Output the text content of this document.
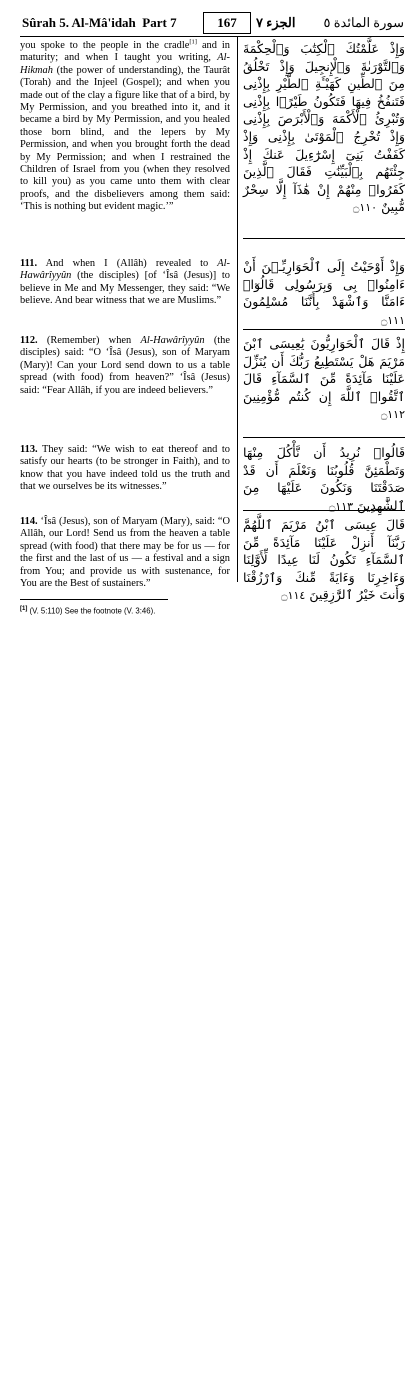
Sûrah 5. Al-Mâ'idah Part 7	167	الجزء ٧ سورة المائدة ٥

you spoke to the people in the cradle[1] and in maturity; and when I taught you writing, Al-Hikmah (the power of understanding), the Taurât (Torah) and the Injeel (Gospel); and when you made out of the clay a figure like that of a bird, by My Permission, and you breathed into it, and it became a bird by My Permission, and you healed those born blind, and the lepers by My Permission, and when you brought forth the dead by My Permission; and when I restrained the Children of Israel from you (when they resolved to kill you) as you came unto them with clear proofs, and the disbelievers among them said: ‘This is nothing but evident magic.’”

وَإِذْ عَلَّمْتُكَ ٱلْكِتَٰبَ وَٱلْحِكْمَةَ وَٱلتَّوْرَىٰةَ وَٱلْإِنجِيلَ وَإِذْ تَخْلُقُ مِنَ ٱلطِّينِ كَهَيْـَٔةِ ٱلطَّيْرِ بِإِذْنِى فَتَنفُخُ فِيهَا فَتَكُونُ طَيْرًۢا بِإِذْنِى وَتُبْرِئُ ٱلْأَكْمَهَ وَٱلْأَبْرَصَ بِإِذْنِى وَإِذْ تُخْرِجُ ٱلْمَوْتَىٰ بِإِذْنِى وَإِذْ كَفَفْتُ بَنِىٓ إِسْرَٰٓءِيلَ عَنكَ إِذْ جِئْتَهُم بِٱلْبَيِّنَٰتِ فَقَالَ ٱلَّذِينَ كَفَرُوا۟ مِنْهُمْ إِنْ هَٰذَآ إِلَّا سِحْرٌ مُّبِينٌ ۝١١٠

111. And when I (Allâh) revealed to Al-Hawârîyyûn (the disciples) [of ‘Îsâ (Jesus)] to believe in Me and My Messenger, they said: “We believe. And bear witness that we are Muslims.”

وَإِذْ أَوْحَيْتُ إِلَى ٱلْحَوَارِيِّـۧنَ أَنْ ءَامِنُوا۟ بِى وَبِرَسُولِى قَالُوٓا۟ ءَامَنَّا وَٱشْهَدْ بِأَنَّنَا مُسْلِمُونَ ۝١١١

112. (Remember) when Al-Hawârîyyûn (the disciples) said: “O ‘Îsâ (Jesus), son of Maryam (Mary)! Can your Lord send down to us a table spread (with food) from heaven?” ‘Îsâ (Jesus) said: “Fear Allâh, if you are indeed believers.”

إِذْ قَالَ ٱلْحَوَارِيُّونَ يَٰعِيسَى ٱبْنَ مَرْيَمَ هَلْ يَسْتَطِيعُ رَبُّكَ أَن يُنَزِّلَ عَلَيْنَا مَآئِدَةً مِّنَ ٱلسَّمَآءِ قَالَ ٱتَّقُوا۟ ٱللَّهَ إِن كُنتُم مُّؤْمِنِينَ ۝١١٢

113. They said: “We wish to eat thereof and to satisfy our hearts (to be stronger in Faith), and to know that you have indeed told us the truth and that we ourselves be its witnesses.”

قَالُوا۟ نُرِيدُ أَن نَّأْكُلَ مِنْهَا وَتَطْمَئِنَّ قُلُوبُنَا وَنَعْلَمَ أَن قَدْ صَدَقْتَنَا وَنَكُونَ عَلَيْهَا مِنَ ٱلشَّٰهِدِينَ ۝١١٣

114. ‘Îsâ (Jesus), son of Maryam (Mary), said: “O Allâh, our Lord! Send us from the heaven a table spread (with food) that there may be for us — for the first and the last of us — a festival and a sign from You; and provide us with sustenance, for You are the Best of sustainers.”

قَالَ عِيسَى ٱبْنُ مَرْيَمَ ٱللَّهُمَّ رَبَّنَآ أَنزِلْ عَلَيْنَا مَآئِدَةً مِّنَ ٱلسَّمَآءِ تَكُونُ لَنَا عِيدًا لِّأَوَّلِنَا وَءَاخِرِنَا وَءَايَةً مِّنكَ وَٱرْزُقْنَا وَأَنتَ خَيْرُ ٱلرَّٰزِقِينَ ۝١١٤
[1] (V. 5:110) See the footnote (V. 3:46).
